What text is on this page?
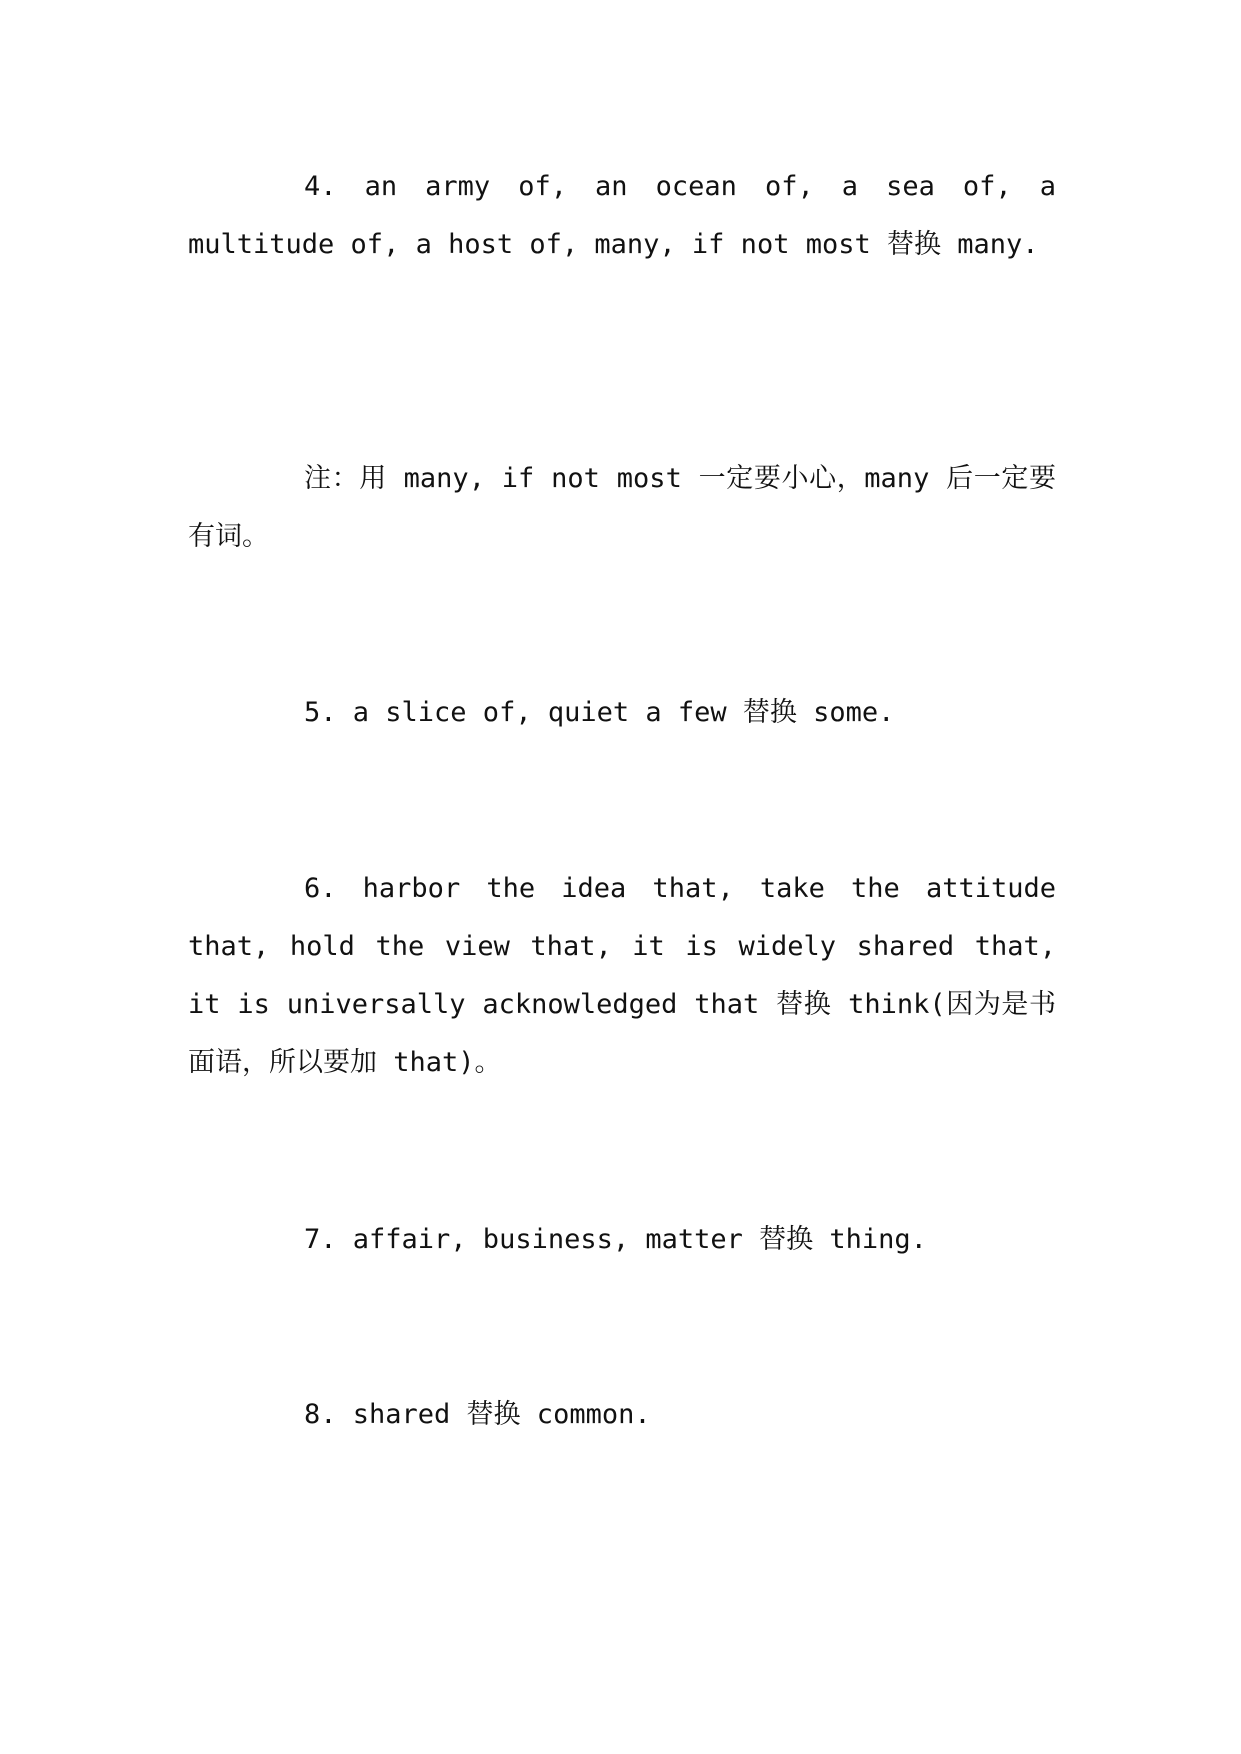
4. an army of, an ocean of, a sea of, a multitude of, a host of, many, if not most 替换 many.

注：用 many, if not most 一定要小心，many 后一定要有词。

5. a slice of, quiet a few 替换 some.

6. harbor the idea that, take the attitude that, hold the view that, it is widely shared that, it is universally acknowledged that 替换 think(因为是书面语，所以要加 that)。

7. affair, business, matter 替换 thing.

8. shared 替换 common.
